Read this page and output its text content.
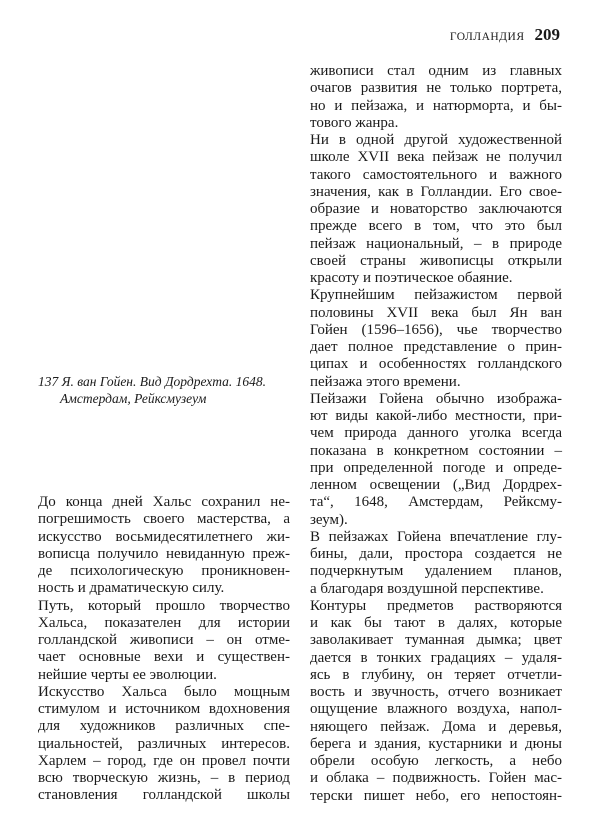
ГОЛЛАНДИЯ 209
137 Я. ван Гойен. Вид Дордрехта. 1648.
Амстердам, Рейксмузеум
До конца дней Хальс сохранил не-
погрешимость своего мастерства, а
искусство восьмидесятилетнего жи-
вописца получило невиданную преж-
де психологическую проникновен-
ность и драматическую силу.
Путь, который прошло творчество
Хальса, показателен для истории
голландской живописи – он отме-
чает основные вехи и существен-
нейшие черты ее эволюции.
Искусство Хальса было мощным
стимулом и источником вдохновения
для художников различных спе-
циальностей, различных интересов.
Харлем – город, где он провел почти
всю творческую жизнь, – в период
становления голландской школы
живописи стал одним из главных
очагов развития не только портрета,
но и пейзажа, и натюрморта, и бы-
тового жанра.
Ни в одной другой художественной
школе XVII века пейзаж не получил
такого самостоятельного и важного
значения, как в Голландии. Его свое-
образие и новаторство заключаются
прежде всего в том, что это был
пейзаж национальный, – в природе
своей страны живописцы открыли
красоту и поэтическое обаяние.
Крупнейшим пейзажистом первой
половины XVII века был Ян ван
Гойен (1596–1656), чье творчество
дает полное представление о прин-
ципах и особенностях голландского
пейзажа этого времени.
Пейзажи Гойена обычно изобража-
ют виды какой-либо местности, при-
чем природа данного уголка всегда
показана в конкретном состоянии –
при определенной погоде и опреде-
ленном освещении („Вид Дордрех-
та“, 1648, Амстердам, Рейксму-
зеум).
В пейзажах Гойена впечатление глу-
бины, дали, простора создается не
подчеркнутым удалением планов,
а благодаря воздушной перспективе.
Контуры предметов растворяются
и как бы тают в далях, которые
заволакивает туманная дымка; цвет
дается в тонких градациях – удаля-
ясь в глубину, он теряет отчетли-
вость и звучность, отчего возникает
ощущение влажного воздуха, напол-
няющего пейзаж. Дома и деревья,
берега и здания, кустарники и дюны
обрели особую легкость, а небо
и облака – подвижность. Гойен мас-
терски пишет небо, его непостоян-
